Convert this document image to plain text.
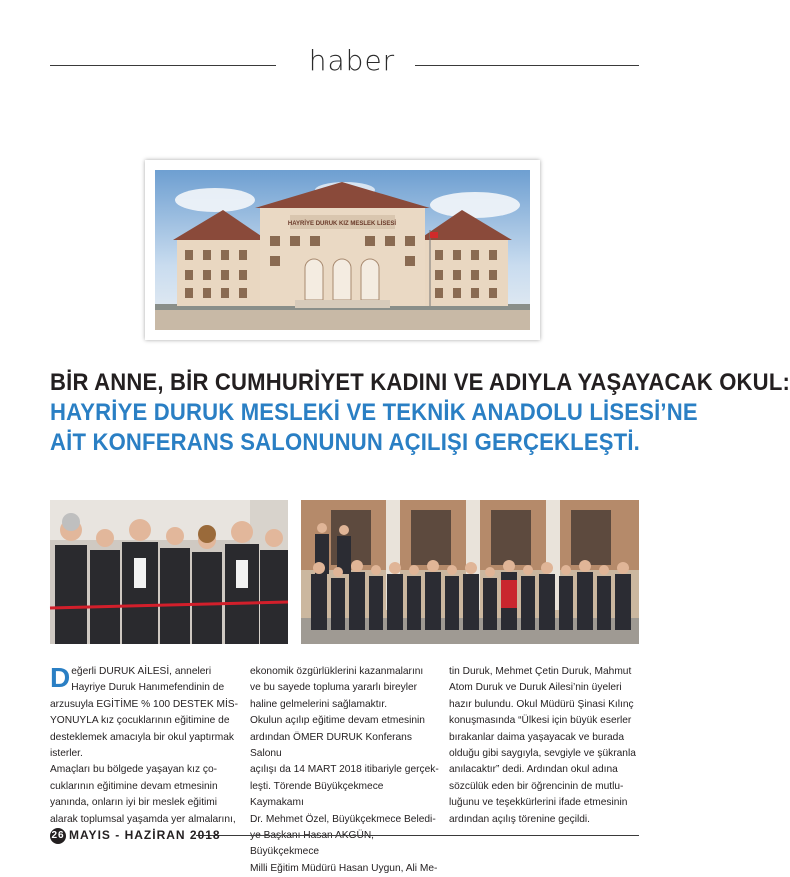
haber
HAYRİYE DURUK KIZ MESLEK LİSESİ
BİR ANNE, BİR CUMHURİYET KADINI VE ADIYLA YAŞAYACAK OKUL:
HAYRİYE DURUK MESLEKİ VE TEKNİK ANADOLU LİSESİ’NE
AİT KONFERANS SALONUNUN AÇILIŞI GERÇEKLEŞTİ.
D eğerli DURUK AİLESİ, anneleri

Hayriye Duruk Hanımefendinin de

arzusuyla EGİTİME % 100 DESTEK MİS-

YONUYLA kız çocuklarının eğitimine de

desteklemek amacıyla bir okul yaptırmak

isterler.

Amaçları bu bölgede yaşayan kız ço-

cuklarının eğitimine devam etmesinin

yanında, onların iyi bir meslek eğitimi

alarak toplumsal yaşamda yer almalarını,

ekonomik özgürlüklerini kazanmalarını

ve bu sayede topluma yararlı bireyler

haline gelmelerini sağlamaktır.

Okulun açılıp eğitime devam etmesinin

ardından ÖMER DURUK Konferans Salonu

açılışı da 14 MART 2018 itibariyle gerçek-

leşti. Törende Büyükçekmece Kaymakamı

Dr. Mehmet Özel, Büyükçekmece Beledi-

Büyükçekmece

Milli Eğitim Müdürü Hasan Uygun, Ali Me-

tin Duruk, Mehmet Çetin Duruk, Mahmut

Atom Duruk ve Duruk Ailesi’nin üyeleri

hazır bulundu. Okul Müdürü Şinasi Kılınç

konuşmasında “Ülkesi için büyük eserler

bırakanlar daima yaşayacak ve burada

olduğu gibi saygıyla, sevgiyle ve şükranla

anılacaktır” dedi. Ardından okul adına

sözcülük eden bir öğrencinin de mutlu-

luğunu ve teşekkürlerini ifade etmesinin

ardından açılış törenine geçildi.

26 MAYIS - HAZİRAN 2018
